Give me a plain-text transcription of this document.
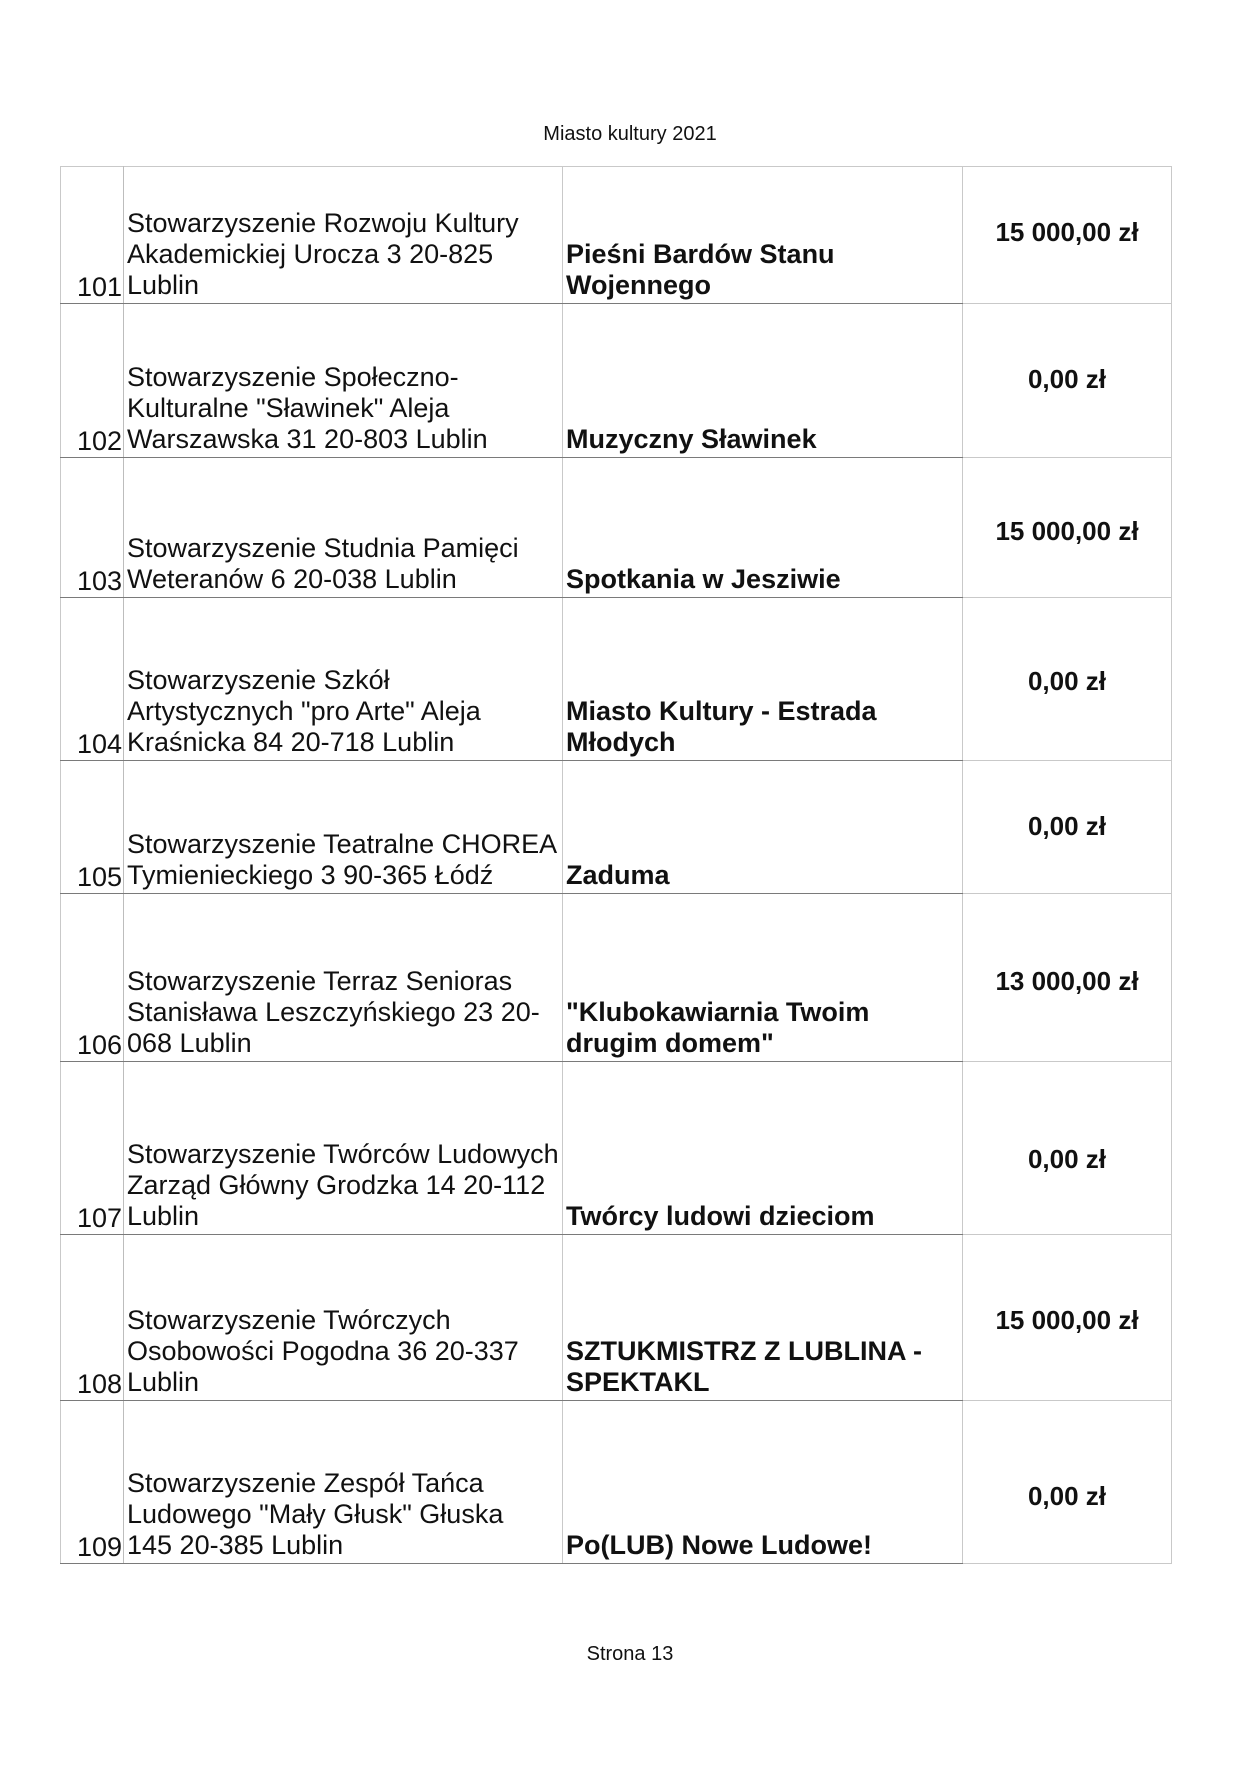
Miasto kultury 2021
101	Stowarzyszenie Rozwoju Kultury Akademickiej Urocza 3 20-825 Lublin	Pieśni Bardów Stanu Wojennego	15 000,00 zł
102	Stowarzyszenie Społeczno-Kulturalne "Sławinek" Aleja Warszawska 31 20-803 Lublin	Muzyczny Sławinek	0,00 zł
103	Stowarzyszenie Studnia Pamięci Weteranów 6 20-038 Lublin	Spotkania w Jesziwie	15 000,00 zł
104	Stowarzyszenie Szkół Artystycznych "pro Arte" Aleja Kraśnicka 84 20-718 Lublin	Miasto Kultury - Estrada Młodych	0,00 zł
105	Stowarzyszenie Teatralne CHOREA Tymienieckiego 3 90-365 Łódź	Zaduma	0,00 zł
106	Stowarzyszenie Terraz Senioras Stanisława Leszczyńskiego 23 20-068 Lublin	"Klubokawiarnia Twoim drugim domem"	13 000,00 zł
107	Stowarzyszenie Twórców Ludowych Zarząd Główny Grodzka 14 20-112 Lublin	Twórcy ludowi dzieciom	0,00 zł
108	Stowarzyszenie Twórczych Osobowości Pogodna 36 20-337 Lublin	SZTUKMISTRZ Z LUBLINA - SPEKTAKL	15 000,00 zł
109	Stowarzyszenie Zespół Tańca Ludowego "Mały Głusk" Głuska 145 20-385 Lublin	Po(LUB) Nowe Ludowe!	0,00 zł
Strona 13
